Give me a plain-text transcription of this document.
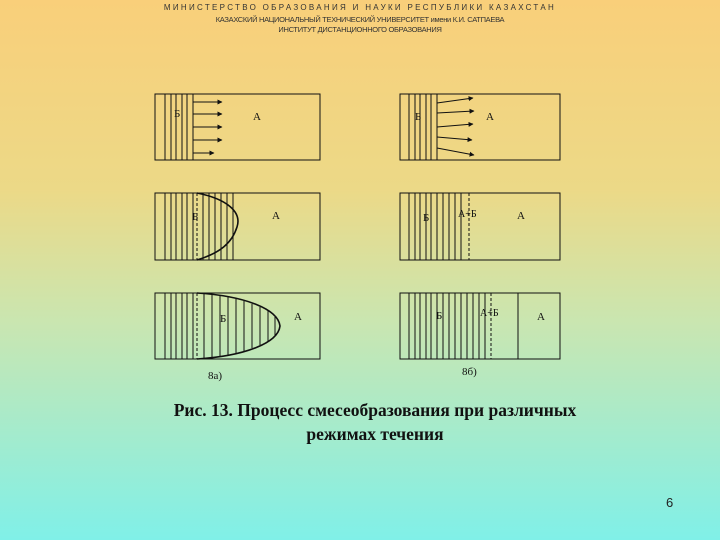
МИНИСТЕРСТВО ОБРАЗОВАНИЯ И НАУКИ РЕСПУБЛИКИ КАЗАХСТАН
КАЗАХСКИЙ НАЦИОНАЛЬНЫЙ ТЕХНИЧЕСКИЙ УНИВЕРСИТЕТ имени К.И. САТПАЕВА
ИНСТИТУТ ДИСТАНЦИОННОГО ОБРАЗОВАНИЯ
Б	А	Б	А
Б	А	Б	А+Б	А
Б	А
8а)
Б	А+Б	А
8б)
Рис. 13. Процесс смесеобразования при различных
режимах течения
6
